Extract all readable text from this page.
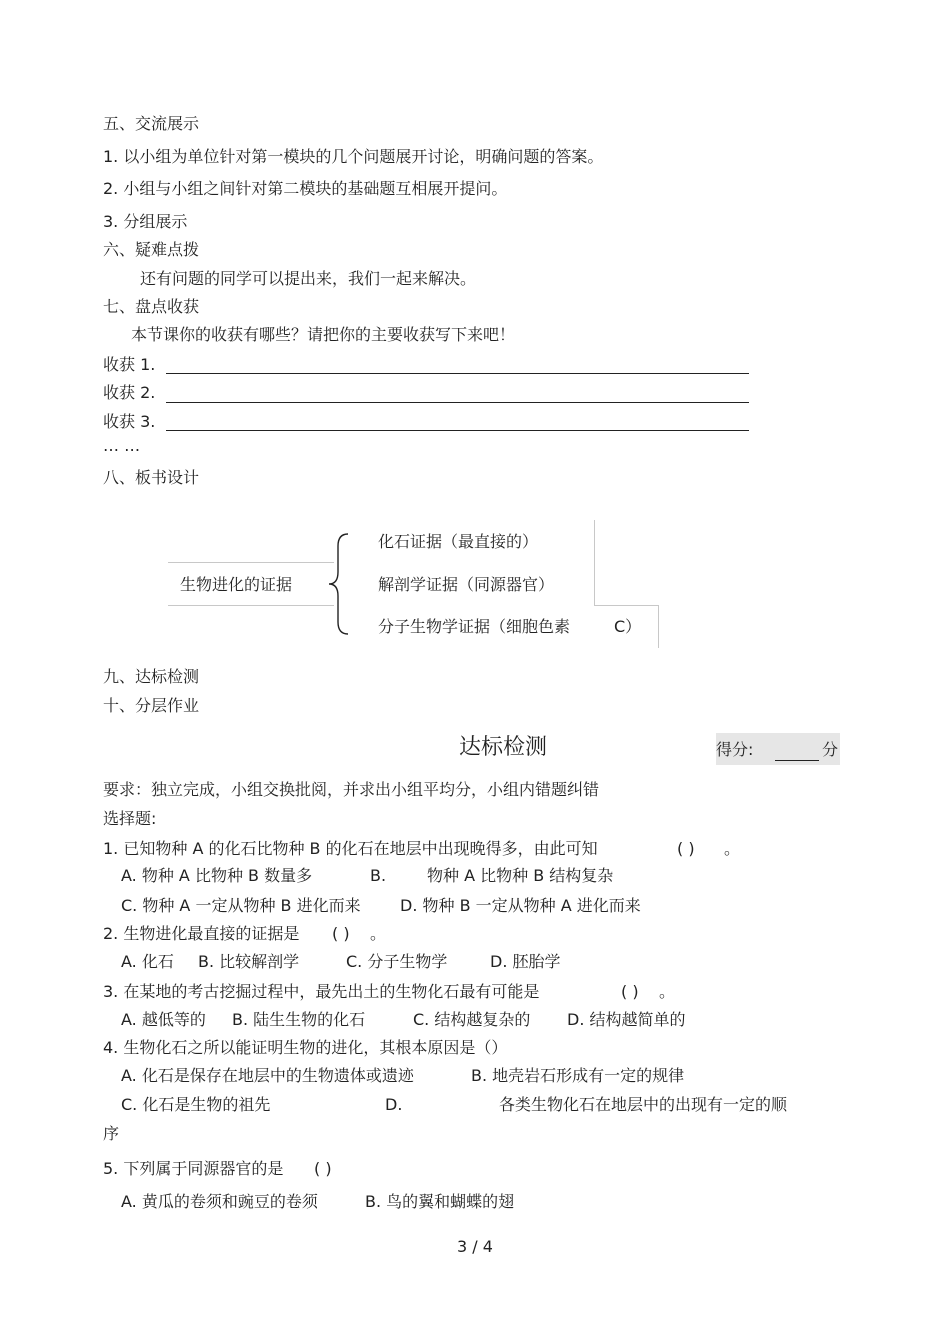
五、交流展示
1. 以小组为单位针对第一模块的几个问题展开讨论，明确问题的答案。
2. 小组与小组之间针对第二模块的基础题互相展开提问。
3. 分组展示
六、疑难点拨
还有问题的同学可以提出来，我们一起来解决。
七、盘点收获
本节课你的收获有哪些？请把你的主要收获写下来吧！
收获 1.
收获 2.
收获 3.
… …
八、板书设计
生物进化的证据
化石证据（最直接的）
解剖学证据（同源器官）
分子生物学证据（细胞色素	C）
九、达标检测
十、分层作业
达标检测	得分:	分
要求：独立完成，小组交换批阅，并求出小组平均分，小组内错题纠错
选择题:
1. 已知物种 A 的化石比物种 B 的化石在地层中出现晚得多，由此可知	( ) 。
A. 物种 A 比物种 B 数量多	B.	物种 A 比物种 B 结构复杂
C. 物种 A 一定从物种 B 进化而来 D. 物种 B 一定从物种 A 进化而来
2. 生物进化最直接的证据是 ( ) 。
A. 化石 B. 比较解剖学	C. 分子生物学	D. 胚胎学
3. 在某地的考古挖掘过程中，最先出土的生物化石最有可能是	( ) 。
A. 越低等的 B. 陆生生物的化石	C. 结构越复杂的 D. 结构越简单的
4. 生物化石之所以能证明生物的进化，其根本原因是（）
A. 化石是保存在地层中的生物遗体或遗迹	B. 地壳岩石形成有一定的规律
C. 化石是生物的祖先	D.	各类生物化石在地层中的出现有一定的顺
序
5. 下列属于同源器官的是 ( )
A. 黄瓜的卷须和豌豆的卷须	B. 鸟的翼和蝴蝶的翅
3 / 4
